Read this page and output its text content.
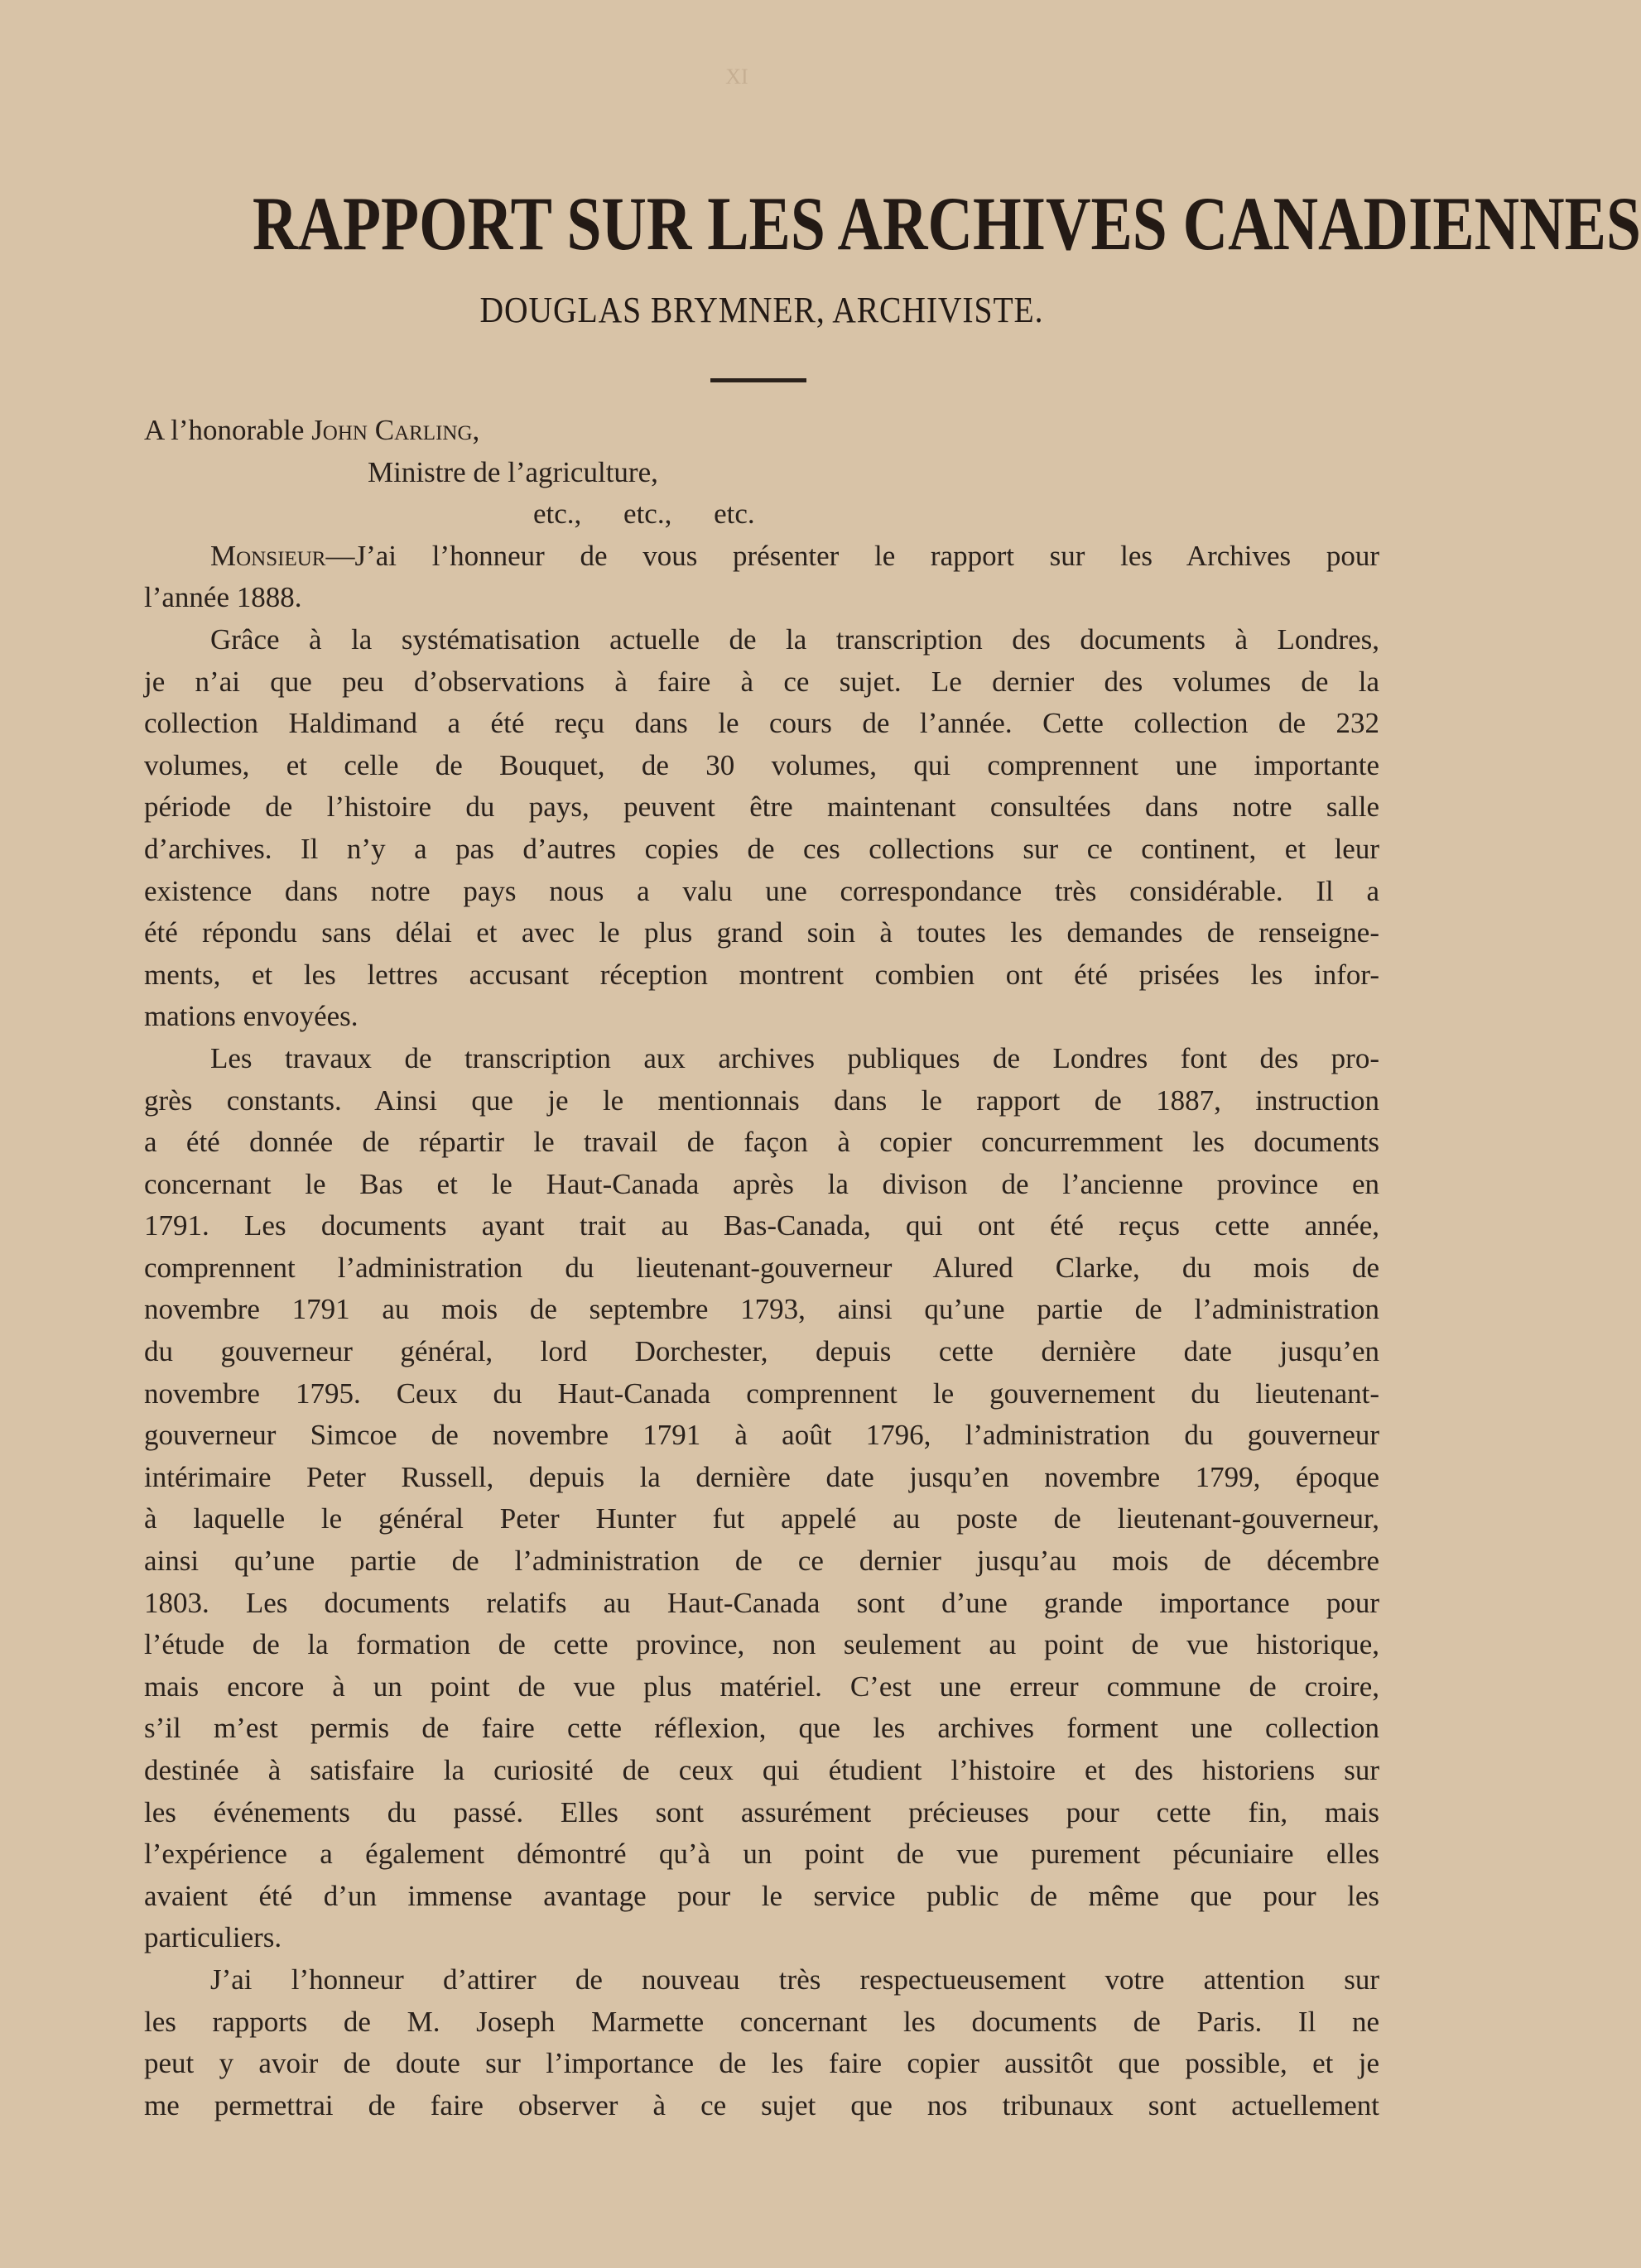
XI
RAPPORT SUR LES ARCHIVES CANADIENNES
DOUGLAS BRYMNER, ARCHIVISTE.
A l’honorable John Carling,
Ministre de l’agriculture,
etc., etc., etc.
Monsieur—J’ai l’honneur de vous présenter le rapport sur les Archives pour
l’année 1888.
Grâce à la systématisation actuelle de la transcription des documents à Londres,
je n’ai que peu d’observations à faire à ce sujet. Le dernier des volumes de la
collection Haldimand a été reçu dans le cours de l’année. Cette collection de 232
volumes, et celle de Bouquet, de 30 volumes, qui comprennent une importante
période de l’histoire du pays, peuvent être maintenant consultées dans notre salle
d’archives. Il n’y a pas d’autres copies de ces collections sur ce continent, et leur
existence dans notre pays nous a valu une correspondance très considérable. Il a
été répondu sans délai et avec le plus grand soin à toutes les demandes de renseigne-
ments, et les lettres accusant réception montrent combien ont été prisées les infor-
mations envoyées.
Les travaux de transcription aux archives publiques de Londres font des pro-
grès constants. Ainsi que je le mentionnais dans le rapport de 1887, instruction
a été donnée de répartir le travail de façon à copier concurremment les documents
concernant le Bas et le Haut-Canada après la divison de l’ancienne province en
1791. Les documents ayant trait au Bas-Canada, qui ont été reçus cette année,
comprennent l’administration du lieutenant-gouverneur Alured Clarke, du mois de
novembre 1791 au mois de septembre 1793, ainsi qu’une partie de l’administration
du gouverneur général, lord Dorchester, depuis cette dernière date jusqu’en
novembre 1795. Ceux du Haut-Canada comprennent le gouvernement du lieutenant-
gouverneur Simcoe de novembre 1791 à août 1796, l’administration du gouverneur
intérimaire Peter Russell, depuis la dernière date jusqu’en novembre 1799, époque
à laquelle le général Peter Hunter fut appelé au poste de lieutenant-gouverneur,
ainsi qu’une partie de l’administration de ce dernier jusqu’au mois de décembre
1803. Les documents relatifs au Haut-Canada sont d’une grande importance pour
l’étude de la formation de cette province, non seulement au point de vue historique,
mais encore à un point de vue plus matériel. C’est une erreur commune de croire,
s’il m’est permis de faire cette réflexion, que les archives forment une collection
destinée à satisfaire la curiosité de ceux qui étudient l’histoire et des historiens sur
les événements du passé. Elles sont assurément précieuses pour cette fin, mais
l’expérience a également démontré qu’à un point de vue purement pécuniaire elles
avaient été d’un immense avantage pour le service public de même que pour les
particuliers.
J’ai l’honneur d’attirer de nouveau très respectueusement votre attention sur
les rapports de M. Joseph Marmette concernant les documents de Paris. Il ne
peut y avoir de doute sur l’importance de les faire copier aussitôt que possible, et je
me permettrai de faire observer à ce sujet que nos tribunaux sont actuellement
